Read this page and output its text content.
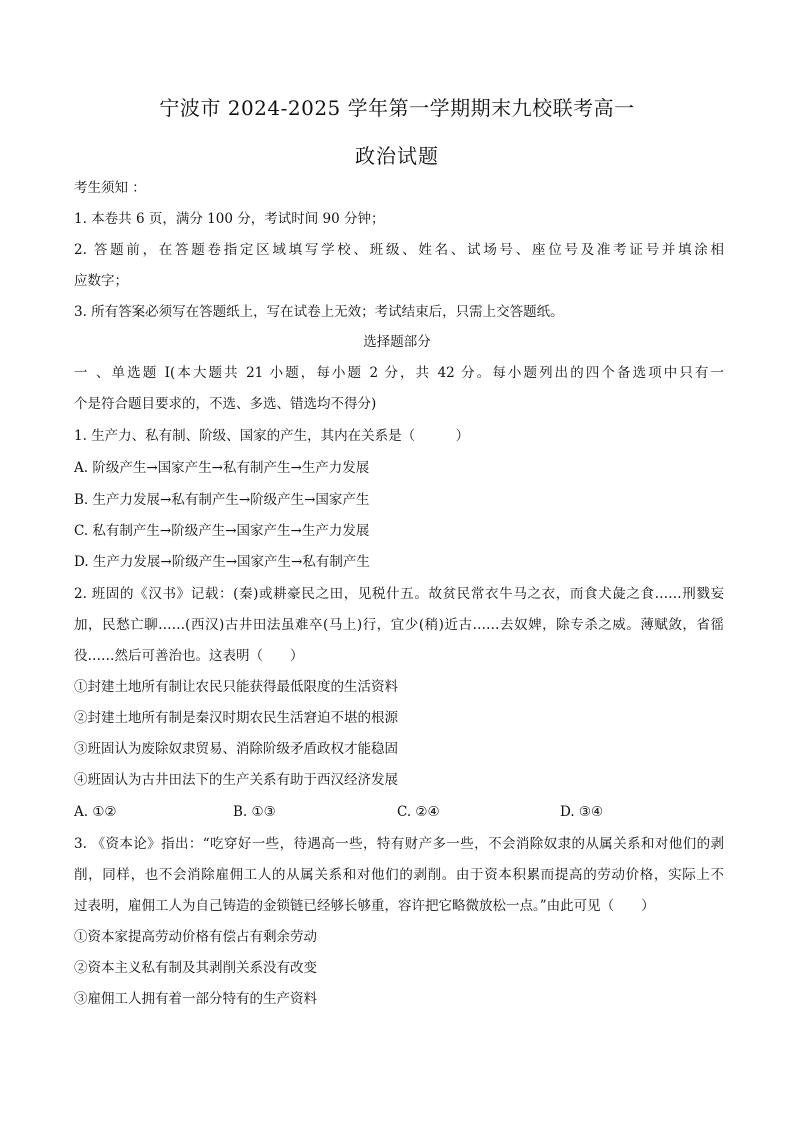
宁波市 2024-2025 学年第一学期期末九校联考高一
政治试题
考生须知 ：
1. 本卷共 6 页，满分 100 分，考试时间 90 分钟；
2. 答题前，在答题卷指定区域填写学校、班级、姓名、试场号、座位号及准考证号并填涂相
应数字；
3. 所有答案必须写在答题纸上，写在试卷上无效；考试结束后，只需上交答题纸。
选择题部分
一 、单选题 I(本大题共 21 小题，每小题 2 分，共 42 分。每小题列出的四个备选项中只有一
个是符合题目要求的，不选、多选、错选均不得分)
1. 生产力、私有制、阶级、国家的产生，其内在关系是（　　　）
A. 阶级产生→国家产生→私有制产生→生产力发展
B. 生产力发展→私有制产生→阶级产生→国家产生
C. 私有制产生→阶级产生→国家产生→生产力发展
D. 生产力发展→阶级产生→国家产生→私有制产生
2. 班固的《汉书》记载：(秦)或耕豪民之田，见税什五。故贫民常衣牛马之衣，而食犬彘之食……刑戮妄
加，民愁亡聊……(西汉)古井田法虽难卒(马上)行，宜少(稍)近古……去奴婢，除专杀之威。薄赋敛，省徭
役……然后可善治也。这表明（　　）
①封建土地所有制让农民只能获得最低限度的生活资料
②封建土地所有制是秦汉时期农民生活窘迫不堪的根源
③班固认为废除奴隶贸易、消除阶级矛盾政权才能稳固
④班固认为古井田法下的生产关系有助于西汉经济发展
A. ①②	B. ①③	C. ②④	D. ③④
3. 《资本论》指出：“吃穿好一些，待遇高一些，特有财产多一些，不会消除奴隶的从属关系和对他们的剥
削，同样，也不会消除雇佣工人的从属关系和对他们的剥削。由于资本积累而提高的劳动价格，实际上不
过表明，雇佣工人为自己铸造的金锁链已经够长够重，容许把它略微放松一点。”由此可见（　　）
①资本家提高劳动价格有偿占有剩余劳动
②资本主义私有制及其剥削关系没有改变
③雇佣工人拥有着一部分特有的生产资料
